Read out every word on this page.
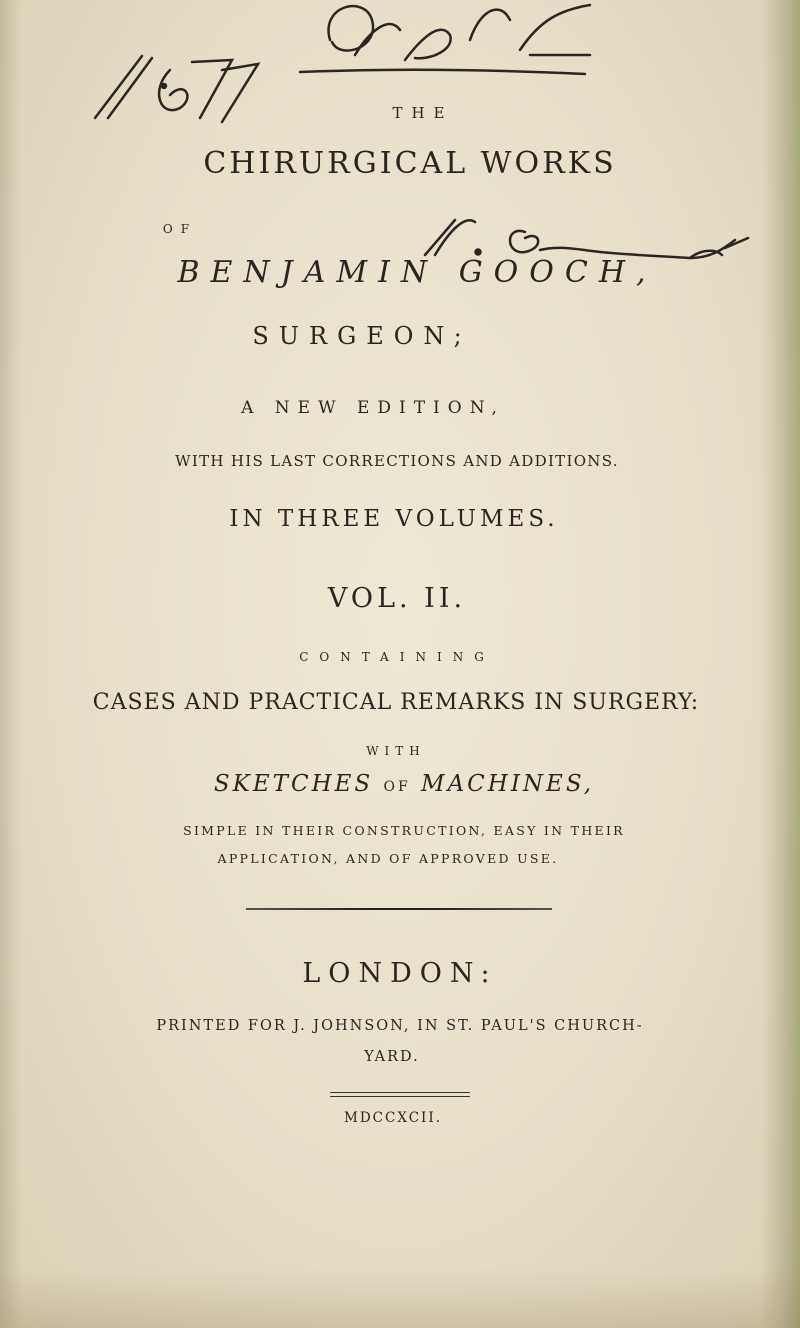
THE
CHIRURGICAL WORKS
OF
BENJAMIN GOOCH,
SURGEON;
A NEW EDITION,
WITH HIS LAST CORRECTIONS AND ADDITIONS.
IN THREE VOLUMES.
VOL. II.
CONTAINING
CASES AND PRACTICAL REMARKS IN SURGERY:
WITH
SKETCHES OF MACHINES,
SIMPLE IN THEIR CONSTRUCTION, EASY IN THEIR
APPLICATION, AND OF APPROVED USE.
LONDON:
PRINTED FOR J. JOHNSON, IN ST. PAUL'S CHURCH-
YARD.
MDCCXCII.
